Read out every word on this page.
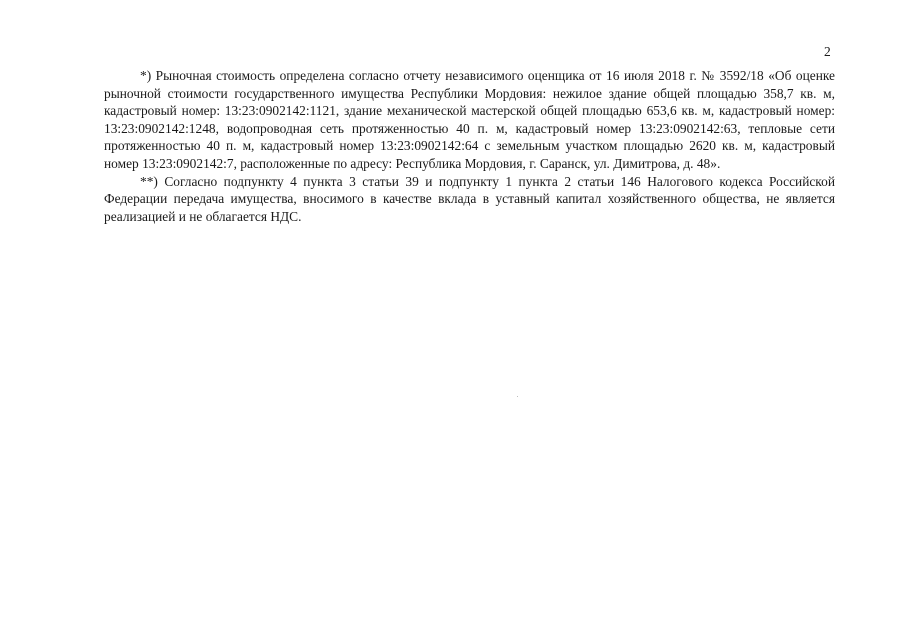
2

*) Рыночная стоимость определена согласно отчету независимого оценщика от 16 июля 2018 г. № 3592/18 «Об оценке рыночной стоимости государственного имущества Республики Мордовия: нежилое здание общей площадью 358,7 кв. м, кадастровый номер: 13:23:0902142:1121, здание механической мастерской общей площадью 653,6 кв. м, кадастровый номер: 13:23:0902142:1248, водопроводная сеть протяженностью 40 п. м, кадастровый номер 13:23:0902142:63, тепловые сети протяженностью 40 п. м, кадастровый номер 13:23:0902142:64 с земельным участком площадью 2620 кв. м, кадастровый номер 13:23:0902142:7, расположенные по адресу: Республика Мордовия, г. Саранск, ул. Димитрова, д. 48».

**) Согласно подпункту 4 пункта 3 статьи 39 и подпункту 1 пункта 2 статьи 146 Налогового кодекса Российской Федерации передача имущества, вносимого в качестве вклада в уставный капитал хозяйственного общества, не является реализацией и не облагается НДС.
